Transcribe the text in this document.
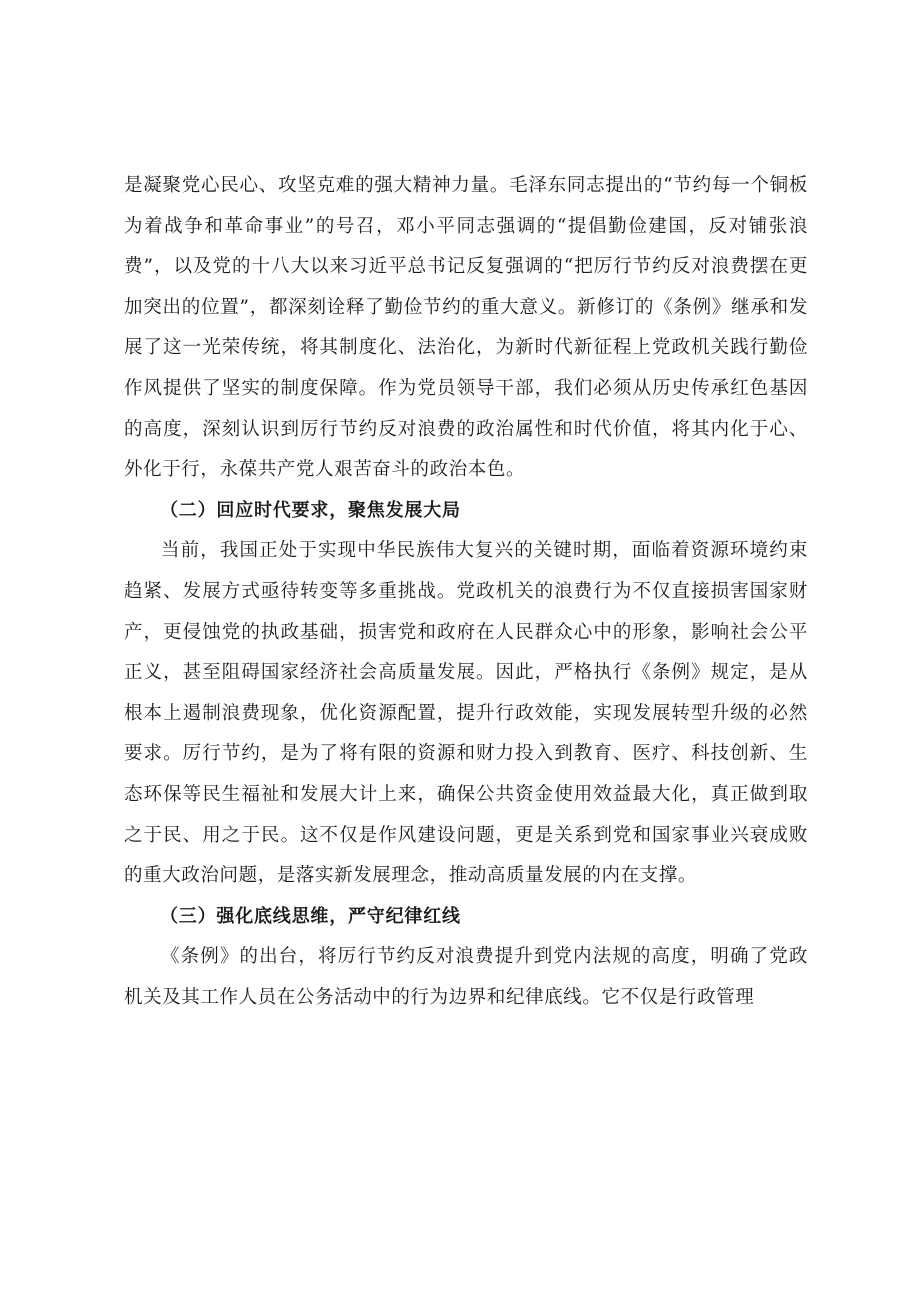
是凝聚党心民心、攻坚克难的强大精神力量。毛泽东同志提出的“节约每一个铜板为着战争和革命事业”的号召，邓小平同志强调的“提倡勤俭建国，反对铺张浪费”，以及党的十八大以来习近平总书记反复强调的“把厉行节约反对浪费摆在更加突出的位置”，都深刻诠释了勤俭节约的重大意义。新修订的《条例》继承和发展了这一光荣传统，将其制度化、法治化，为新时代新征程上党政机关践行勤俭作风提供了坚实的制度保障。作为党员领导干部，我们必须从历史传承红色基因的高度，深刻认识到厉行节约反对浪费的政治属性和时代价值，将其内化于心、外化于行，永葆共产党人艰苦奋斗的政治本色。

（二）回应时代要求，聚焦发展大局

当前，我国正处于实现中华民族伟大复兴的关键时期，面临着资源环境约束趋紧、发展方式亟待转变等多重挑战。党政机关的浪费行为不仅直接损害国家财产，更侵蚀党的执政基础，损害党和政府在人民群众心中的形象，影响社会公平正义，甚至阻碍国家经济社会高质量发展。因此，严格执行《条例》规定，是从根本上遏制浪费现象，优化资源配置，提升行政效能，实现发展转型升级的必然要求。厉行节约，是为了将有限的资源和财力投入到教育、医疗、科技创新、生态环保等民生福祉和发展大计上来，确保公共资金使用效益最大化，真正做到取之于民、用之于民。这不仅是作风建设问题，更是关系到党和国家事业兴衰成败的重大政治问题，是落实新发展理念，推动高质量发展的内在支撑。

（三）强化底线思维，严守纪律红线

《条例》的出台，将厉行节约反对浪费提升到党内法规的高度，明确了党政机关及其工作人员在公务活动中的行为边界和纪律底线。它不仅是行政管理
